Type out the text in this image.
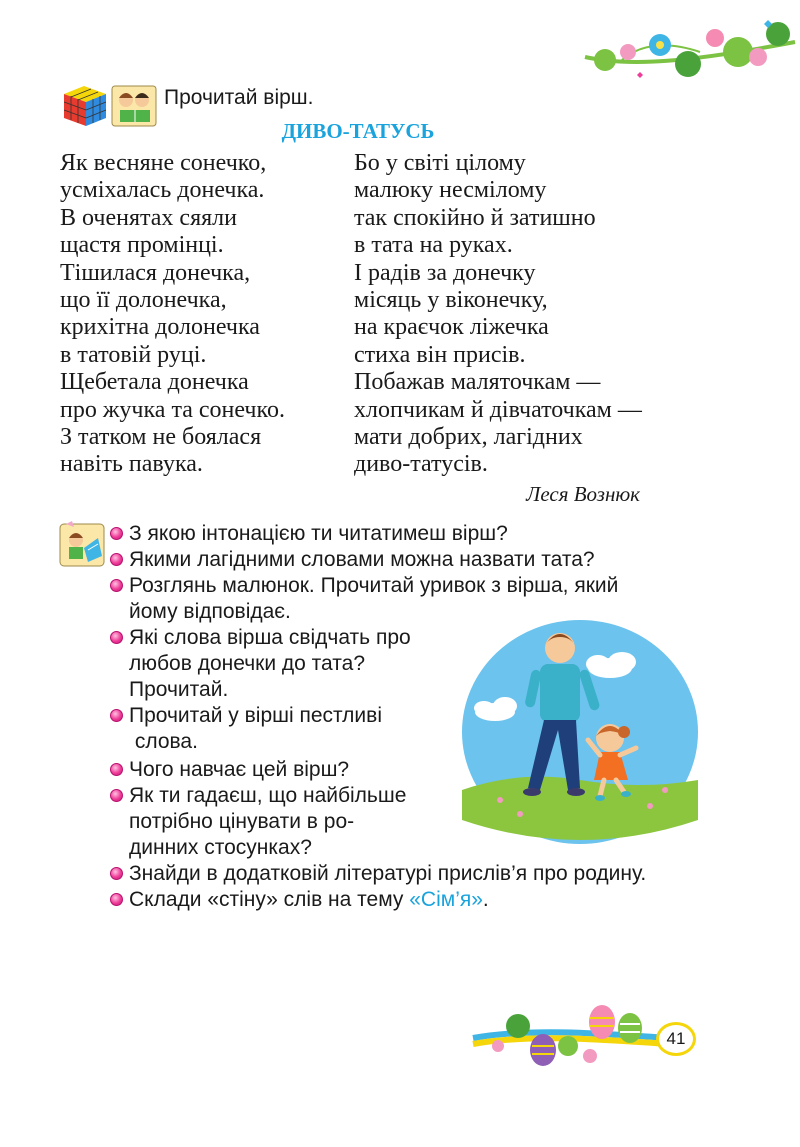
Прочитай вірш.
ДИВО-ТАТУСЬ
Як весняне сонечко,
усміхалась донечка.
В оченятах сяяли
щастя промінці.
Тішилася донечка,
що її долонечка,
крихітна долонечка
в татовій руці.
Щебетала донечка
про жучка та сонечко.
З татком не боялася
навіть павука.
Бо у світі цілому
малюку несмілому
так спокійно й затишно
в тата на руках.
І радів за донечку
місяць у віконечку,
на краєчок ліжечка
стиха він присів.
Побажав маляточкам —
хлопчикам й дівчаточкам —
мати добрих, лагідних
диво-татусів.
Леся Вознюк
З якою інтонацією ти читатимеш вірш?
Якими лагідними словами можна назвати тата?
Розглянь малюнок. Прочитай уривок з вірша, який
йому відповідає.
Які слова вірша свідчать про
любов донечки до тата?
Прочитай.
Прочитай у вірші пестливі
слова.
Чого навчає цей вірш?
Як ти гадаєш, що найбільше
потрібно цінувати в ро-
динних стосунках?
Знайди в додатковій літературі прислів’я про родину.
Склади «стіну» слів на тему «Сім’я».
41
